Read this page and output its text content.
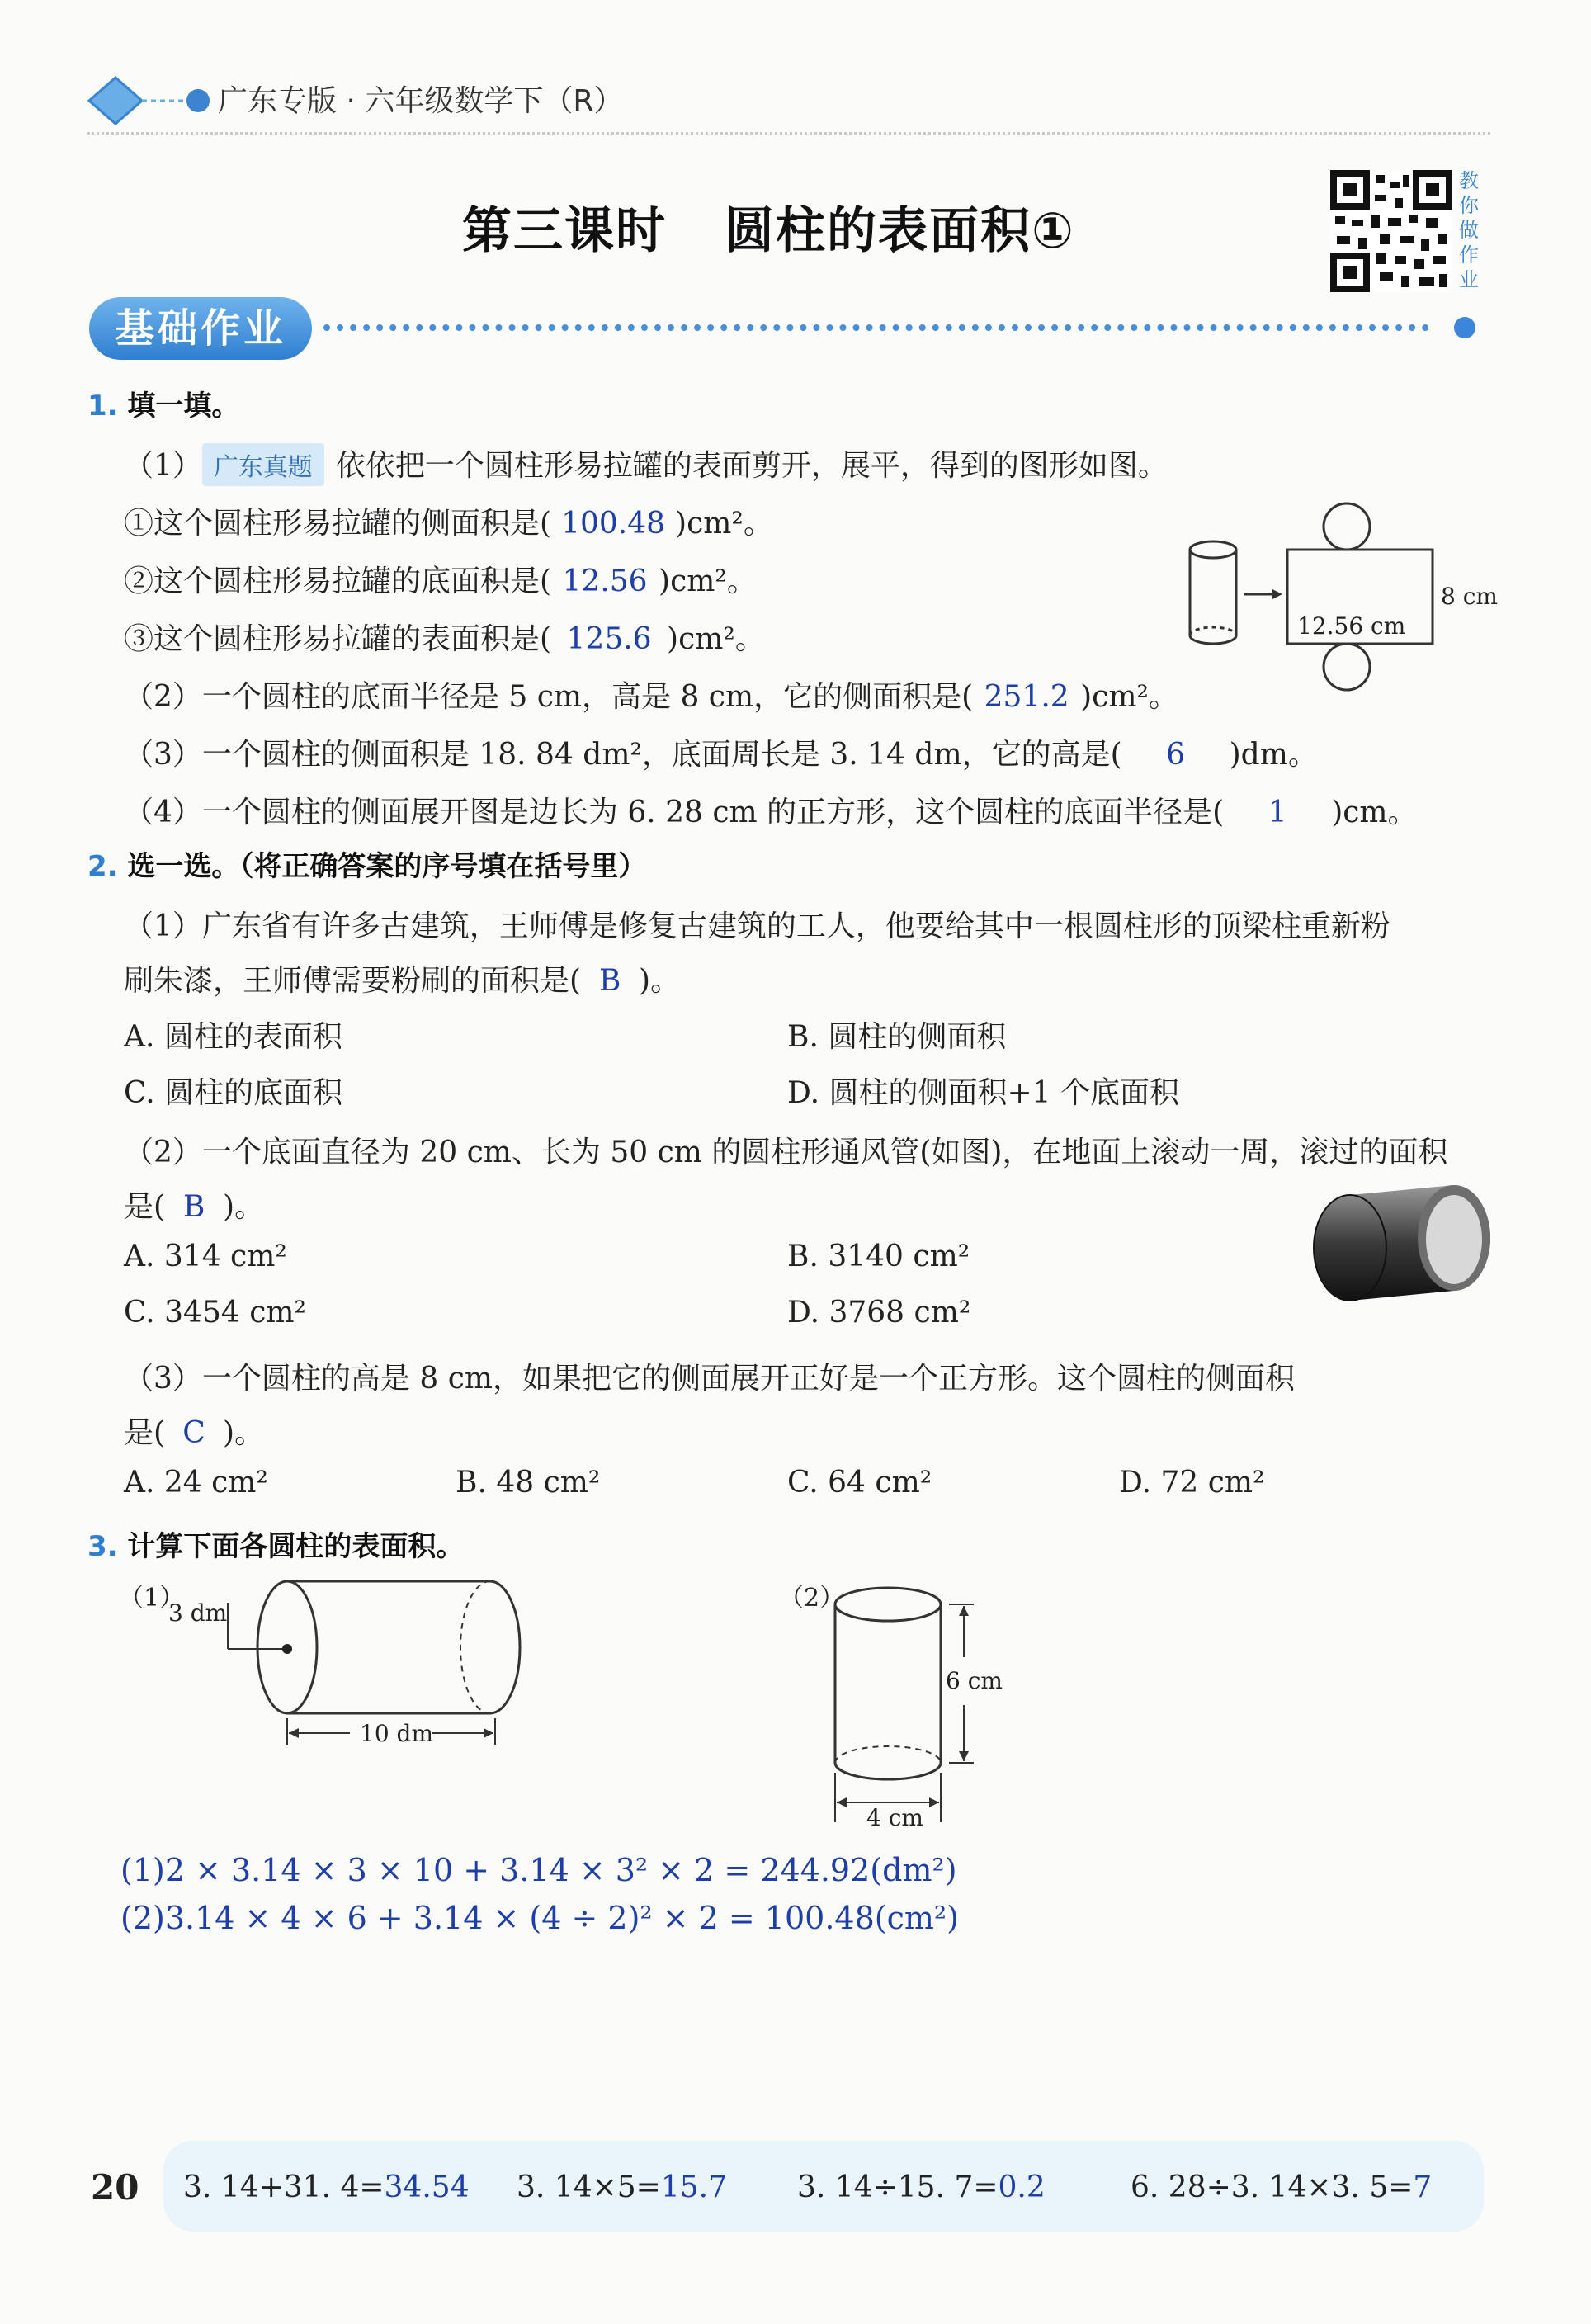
广东专版 · 六年级数学下（R）
第三课时 圆柱的表面积①
教
你
做
作
业
基础作业
1. 填一填。
（1） 广东真题 依依把一个圆柱形易拉罐的表面剪开，展平，得到的图形如图。
①这个圆柱形易拉罐的侧面积是( 100.48 )cm²。
②这个圆柱形易拉罐的底面积是( 12.56 )cm²。
③这个圆柱形易拉罐的表面积是( 125.6 )cm²。
（2）一个圆柱的底面半径是 5 cm，高是 8 cm，它的侧面积是( 251.2 )cm²。
（3）一个圆柱的侧面积是 18. 84 dm²，底面周长是 3. 14 dm，它的高是( 6 )dm。
（4）一个圆柱的侧面展开图是边长为 6. 28 cm 的正方形，这个圆柱的底面半径是( 1 )cm。
12.56 cm
8 cm
2. 选一选。（将正确答案的序号填在括号里）
（1）广东省有许多古建筑，王师傅是修复古建筑的工人，他要给其中一根圆柱形的顶梁柱重新粉
刷朱漆，王师傅需要粉刷的面积是( B )。
A. 圆柱的表面积	B. 圆柱的侧面积
C. 圆柱的底面积	D. 圆柱的侧面积+1 个底面积
（2）一个底面直径为 20 cm、长为 50 cm 的圆柱形通风管(如图)，在地面上滚动一周，滚过的面积
是( B )。
A. 314 cm²	B. 3140 cm²
C. 3454 cm²	D. 3768 cm²
（3）一个圆柱的高是 8 cm，如果把它的侧面展开正好是一个正方形。这个圆柱的侧面积
是( C )。
A. 24 cm²	B. 48 cm²	C. 64 cm²	D. 72 cm²
3. 计算下面各圆柱的表面积。
（1）
3 dm
10 dm
（2）
6 cm
4 cm
(1)2 × 3.14 × 3 × 10 + 3.14 × 3² × 2 = 244.92(dm²)
(2)3.14 × 4 × 6 + 3.14 × (4 ÷ 2)² × 2 = 100.48(cm²)
20 3. 14+31. 4=34.54 3. 14×5=15.7 3. 14÷15. 7=0.2	6. 28÷3. 14×3. 5=7
